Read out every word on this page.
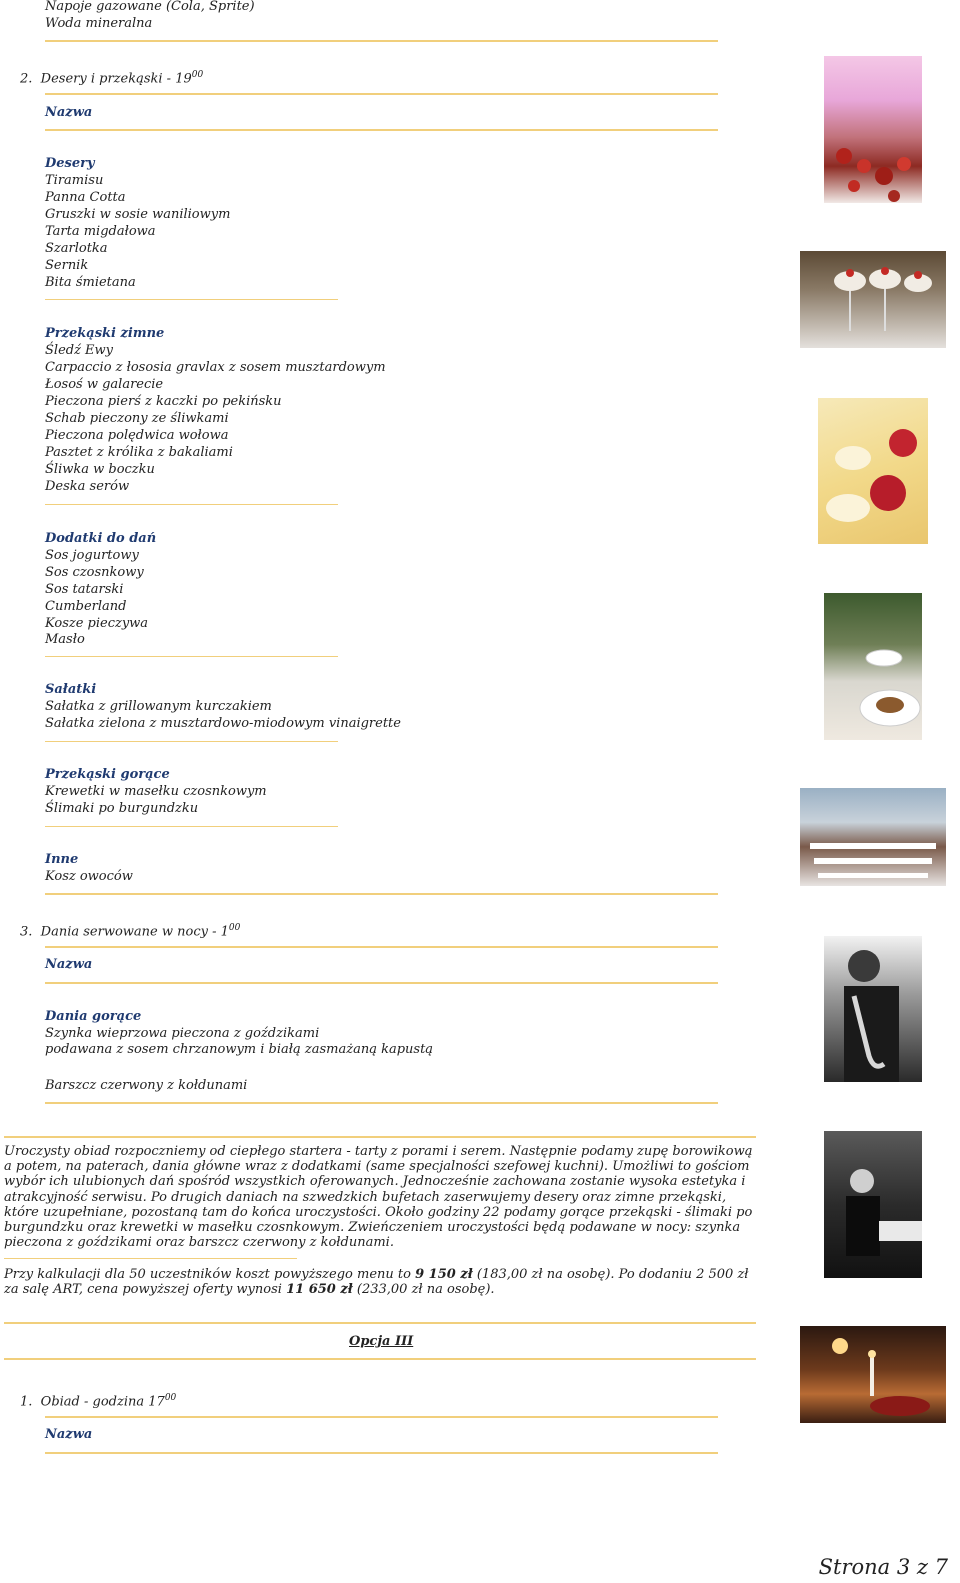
Napoje gazowane (Cola, Sprite)
Woda mineralna
2. Desery i przekąski - $19^{00}$
Nazwa
Desery
Tiramisu
Panna Cotta
Gruszki w sosie waniliowym
Tarta migdałowa
Szarlotka
Sernik
Bita śmietana
Przekąski zimne
Śledź Ewy
Carpaccio z łososia gravlax z sosem musztardowym
Łosoś w galarecie
Pieczona pierś z kaczki po pekińsku
Schab pieczony ze śliwkami
Pieczona polędwica wołowa
Pasztet z królika z bakaliami
Śliwka w boczku
Deska serów
Dodatki do dań
Sos jogurtowy
Sos czosnkowy
Sos tatarski
Cumberland
Kosze pieczywa
Masło
Sałatki
Sałatka z grillowanym kurczakiem
Sałatka zielona z musztardowo-miodowym vinaigrette
Przekąski gorące
Krewetki w masełku czosnkowym
Ślimaki po burgundzku
Inne
Kosz owoców
3. Dania serwowane w nocy - $1^{00}$
Nazwa
Dania gorące
Szynka wieprzowa pieczona z goździkami
podawana z sosem chrzanowym i białą zasmażaną kapustą
Barszcz czerwony z kołdunami
Uroczysty obiad rozpoczniemy od ciepłego startera - tarty z porami i serem. Następnie podamy zupę borowikową a potem, na paterach, dania główne wraz z dodatkami (same specjalności szefowej kuchni). Umożliwi to gościom wybór ich ulubionych dań spośród wszystkich oferowanych. Jednocześnie zachowana zostanie wysoka estetyka i atrakcyjność serwisu. Po drugich daniach na szwedzkich bufetach zaserwujemy desery oraz zimne przekąski, które uzupełniane, pozostaną tam do końca uroczystości. Około godziny 22 podamy gorące przekąski - ślimaki po burgundzku oraz krewetki w masełku czosnkowym. Zwieńczeniem uroczystości będą podawane w nocy: szynka pieczona z goździkami oraz barszcz czerwony z kołdunami.
Przy kalkulacji dla 50 uczestników koszt powyższego menu to 9 150 zł (183,00 zł na osobę). Po dodaniu 2 500 zł za salę ART, cena powyższej oferty wynosi 11 650 zł (233,00 zł na osobę).
Opcja III
1. Obiad - godzina $17^{00}$
Nazwa
Strona 3 z 7
